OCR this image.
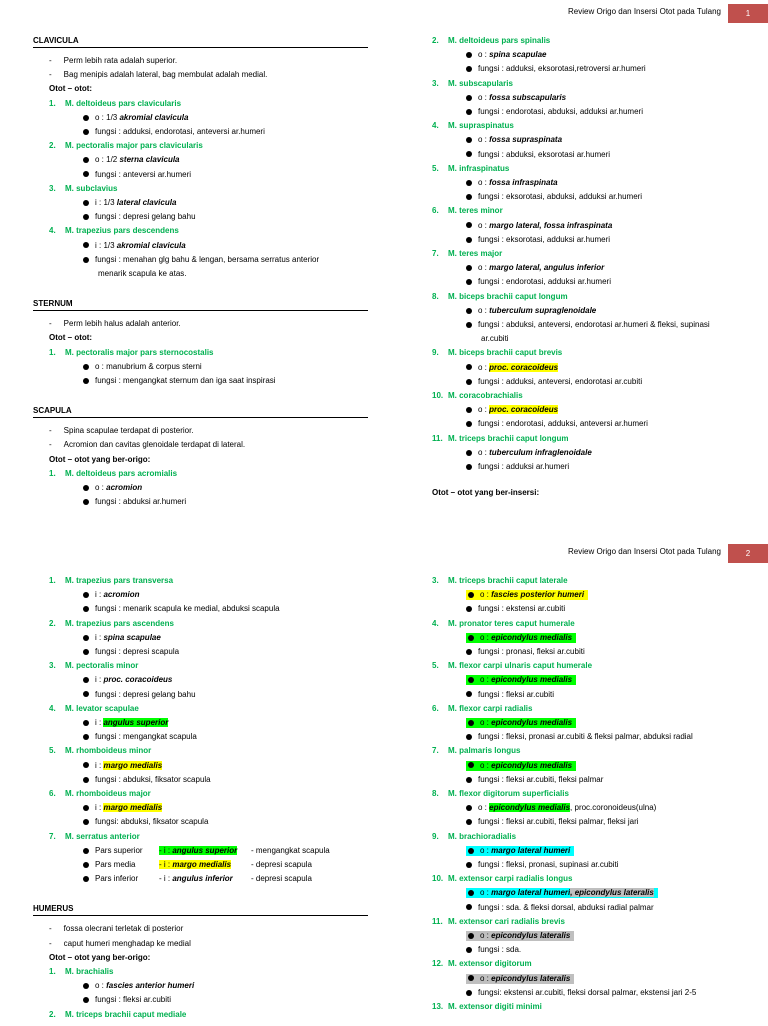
Review Origo dan Insersi Otot pada Tulang	1
CLAVICULA
- Perm lebih rata adalah superior.
- Bag menipis adalah lateral, bag membulat adalah medial.
Otot – otot:
1. M. deltoideus pars clavicularis
o : 1/3 akromial clavicula
fungsi : adduksi, endorotasi, anteversi ar.humeri
2. M. pectoralis major pars clavicularis
o : 1/2 sterna clavicula
fungsi : anteversi ar.humeri
3. M. subclavius
i : 1/3 lateral clavicula
fungsi : depresi gelang bahu
4. M. trapezius pars descendens
i : 1/3 akromial clavicula
fungsi : menahan glg bahu & lengan, bersama serratus anterior
menarik scapula ke atas.
STERNUM
- Perm lebih halus adalah anterior.
Otot – otot:
1. M. pectoralis major pars sternocostalis
o : manubrium & corpus sterni
fungsi : mengangkat sternum dan iga saat inspirasi
SCAPULA
- Spina scapulae terdapat di posterior.
- Acromion dan cavitas glenoidale terdapat di lateral.
Otot – otot yang ber-origo:
1. M. deltoideus pars acromialis
o : acromion
fungsi : abduksi ar.humeri
2. M. deltoideus pars spinalis
o : spina scapulae
fungsi : adduksi, eksorotasi,retroversi ar.humeri
3. M. subscapularis
o : fossa subscapularis
fungsi : endorotasi, abduksi, adduksi ar.humeri
4. M. supraspinatus
o : fossa supraspinata
fungsi : abduksi, eksorotasi ar.humeri
5. M. infraspinatus
o : fossa infraspinata
fungsi : eksorotasi, abduksi, adduksi ar.humeri
6. M. teres minor
o : margo lateral, fossa infraspinata
fungsi : eksorotasi, adduksi ar.humeri
7. M. teres major
o : margo lateral, angulus inferior
fungsi : endorotasi, adduksi ar.humeri
8. M. biceps brachii caput longum
o : tuberculum supraglenoidale
fungsi : abduksi, anteversi, endorotasi ar.humeri & fleksi, supinasi
ar.cubiti
9. M. biceps brachii caput brevis
o : proc. coracoideus
fungsi : adduksi, anteversi, endorotasi ar.cubiti
10. M. coracobrachialis
o : proc. coracoideus
fungsi : endorotasi, adduksi, anteversi ar.humeri
11. M. triceps brachii caput longum
o : tuberculum infraglenoidale
fungsi : adduksi ar.humeri
Otot – otot yang ber-insersi:
Review Origo dan Insersi Otot pada Tulang	2
1. M. trapezius pars transversa
i : acromion
fungsi : menarik scapula ke medial, abduksi scapula
2. M. trapezius pars ascendens
i : spina scapulae
fungsi : depresi scapula
3. M. pectoralis minor
i : proc. coracoideus
fungsi : depresi gelang bahu
4. M. levator scapulae
i : angulus superior
fungsi : mengangkat scapula
5. M. rhomboideus minor
i : margo medialis
fungsi : abduksi, fiksator scapula
6. M. rhomboideus major
i : margo medialis
fungsi: abduksi, fiksator scapula
7. M. serratus anterior
Pars superior - i : angulus superior - mengangkat scapula
Pars media	- i : margo medialis - depresi scapula
Pars inferior	- i : angulus inferior - depresi scapula
HUMERUS
- fossa olecrani terletak di posterior
- caput humeri menghadap ke medial
Otot – otot yang ber-origo:
1. M. brachialis
o : fascies anterior humeri
fungsi : fleksi ar.cubiti
2. M. triceps brachii caput mediale
3. M. triceps brachii caput laterale
o : fascies posterior humeri
fungsi : ekstensi ar.cubiti
4. M. pronator teres caput humerale
o : epicondylus medialis
fungsi : pronasi, fleksi ar.cubiti
5. M. flexor carpi ulnaris caput humerale
o : epicondylus medialis
fungsi : fleksi ar.cubiti
6. M. flexor carpi radialis
o : epicondylus medialis
fungsi : fleksi, pronasi ar.cubiti & fleksi palmar, abduksi radial
7. M. palmaris longus
o : epicondylus medialis
fungsi : fleksi ar.cubiti, fleksi palmar
8. M. flexor digitorum superficialis
o : epicondylus medialis, proc.coronoideus(ulna)
fungsi : fleksi ar.cubiti, fleksi palmar, fleksi jari
9. M. brachioradialis
o : margo lateral humeri
fungsi : fleksi, pronasi, supinasi ar.cubiti
10. M. extensor carpi radialis longus
o : margo lateral humeri, epicondylus lateralis
fungsi : sda. & fleksi dorsal, abduksi radial palmar
11. M. extensor cari radialis brevis
o : epicondylus lateralis
fungsi : sda.
12. M. extensor digitorum
o : epicondylus lateralis
fungsi: ekstensi ar.cubiti, fleksi dorsal palmar, ekstensi jari 2-5
13. M. extensor digiti minimi
